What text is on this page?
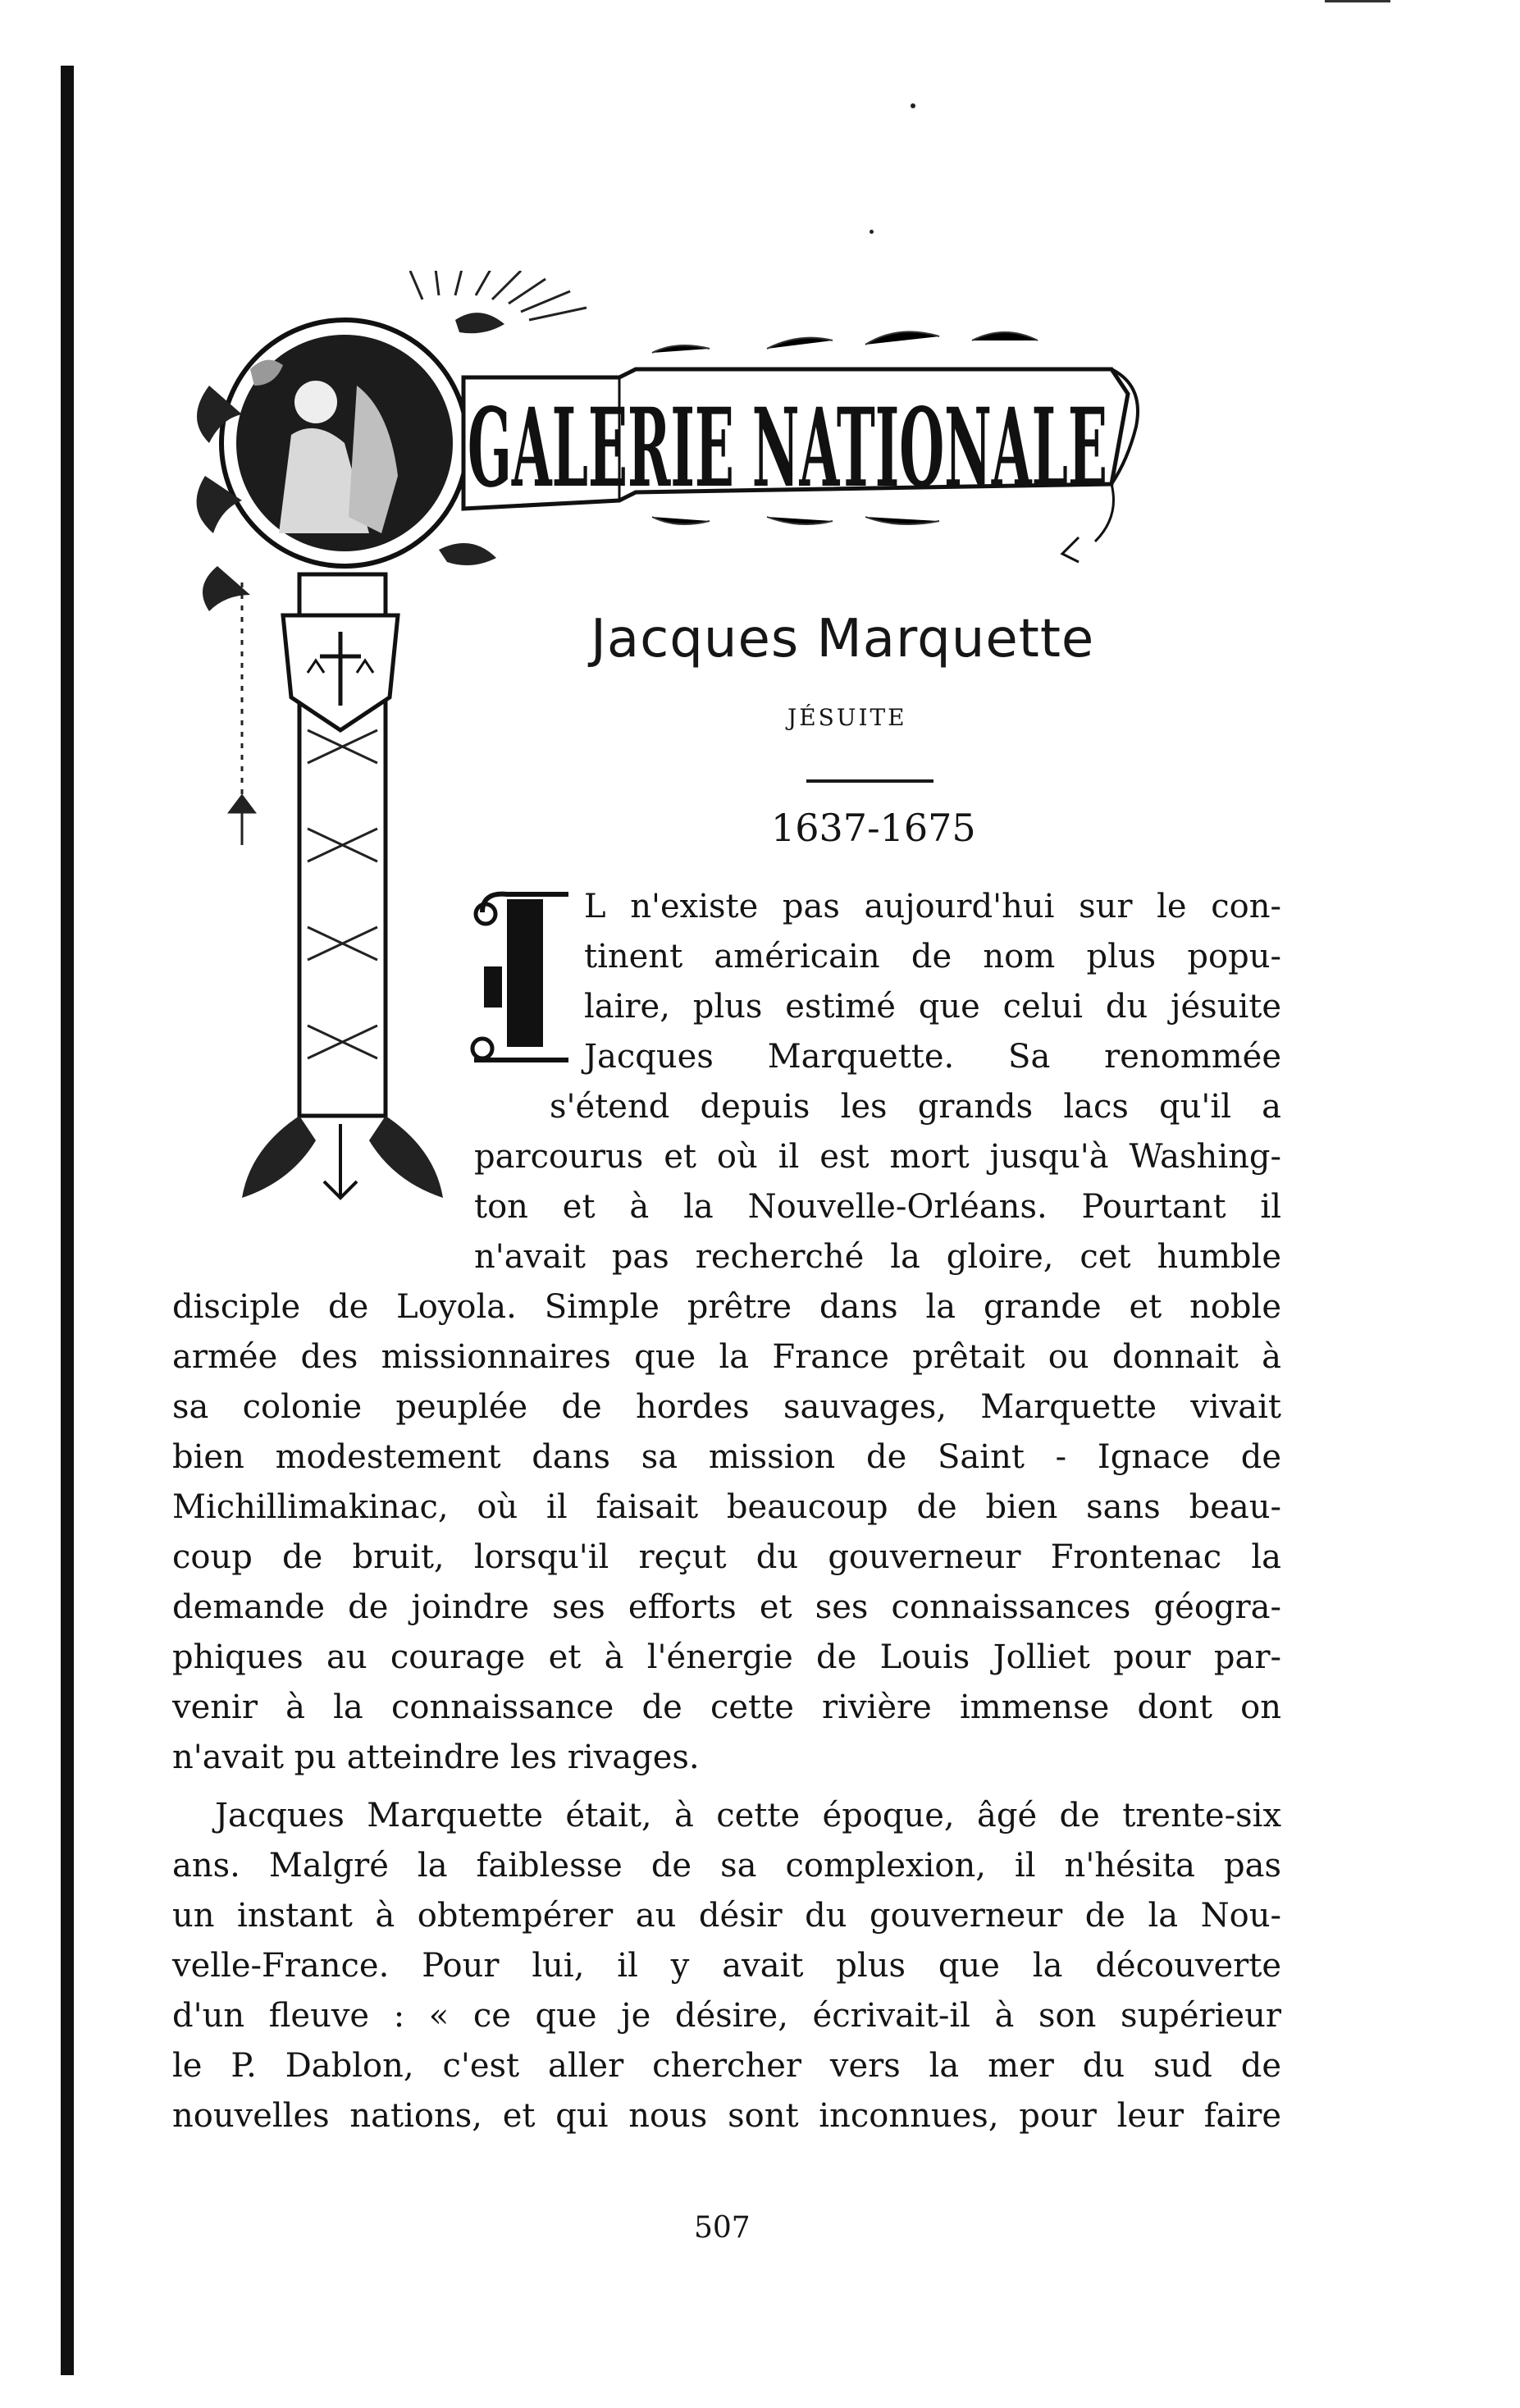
GALERIE NATIONALE
Jacques Marquette
JÉSUITE
1637-1675
I	L n'existe pas aujourd'hui sur le con-
tinent américain de nom plus popu-
laire, plus estimé que celui du jésuite
Jacques Marquette. Sa renommée
s'étend depuis les grands lacs qu'il a
parcourus et où il est mort jusqu'à Washing-
ton et à la Nouvelle-Orléans. Pourtant il
n'avait pas recherché la gloire, cet humble
disciple de Loyola. Simple prêtre dans la grande et noble
armée des missionnaires que la France prêtait ou donnait à
sa colonie peuplée de hordes sauvages, Marquette vivait
bien modestement dans sa mission de Saint - Ignace de
Michillimakinac, où il faisait beaucoup de bien sans beau-
coup de bruit, lorsqu'il reçut du gouverneur Frontenac la
demande de joindre ses efforts et ses connaissances géogra-
phiques au courage et à l'énergie de Louis Jolliet pour par-
venir à la connaissance de cette rivière immense dont on
n'avait pu atteindre les rivages.
Jacques Marquette était, à cette époque, âgé de trente-six
ans. Malgré la faiblesse de sa complexion, il n'hésita pas
un instant à obtempérer au désir du gouverneur de la Nou-
velle-France. Pour lui, il y avait plus que la découverte
d'un fleuve : « ce que je désire, écrivait-il à son supérieur
le P. Dablon, c'est aller chercher vers la mer du sud de
nouvelles nations, et qui nous sont inconnues, pour leur faire
507
